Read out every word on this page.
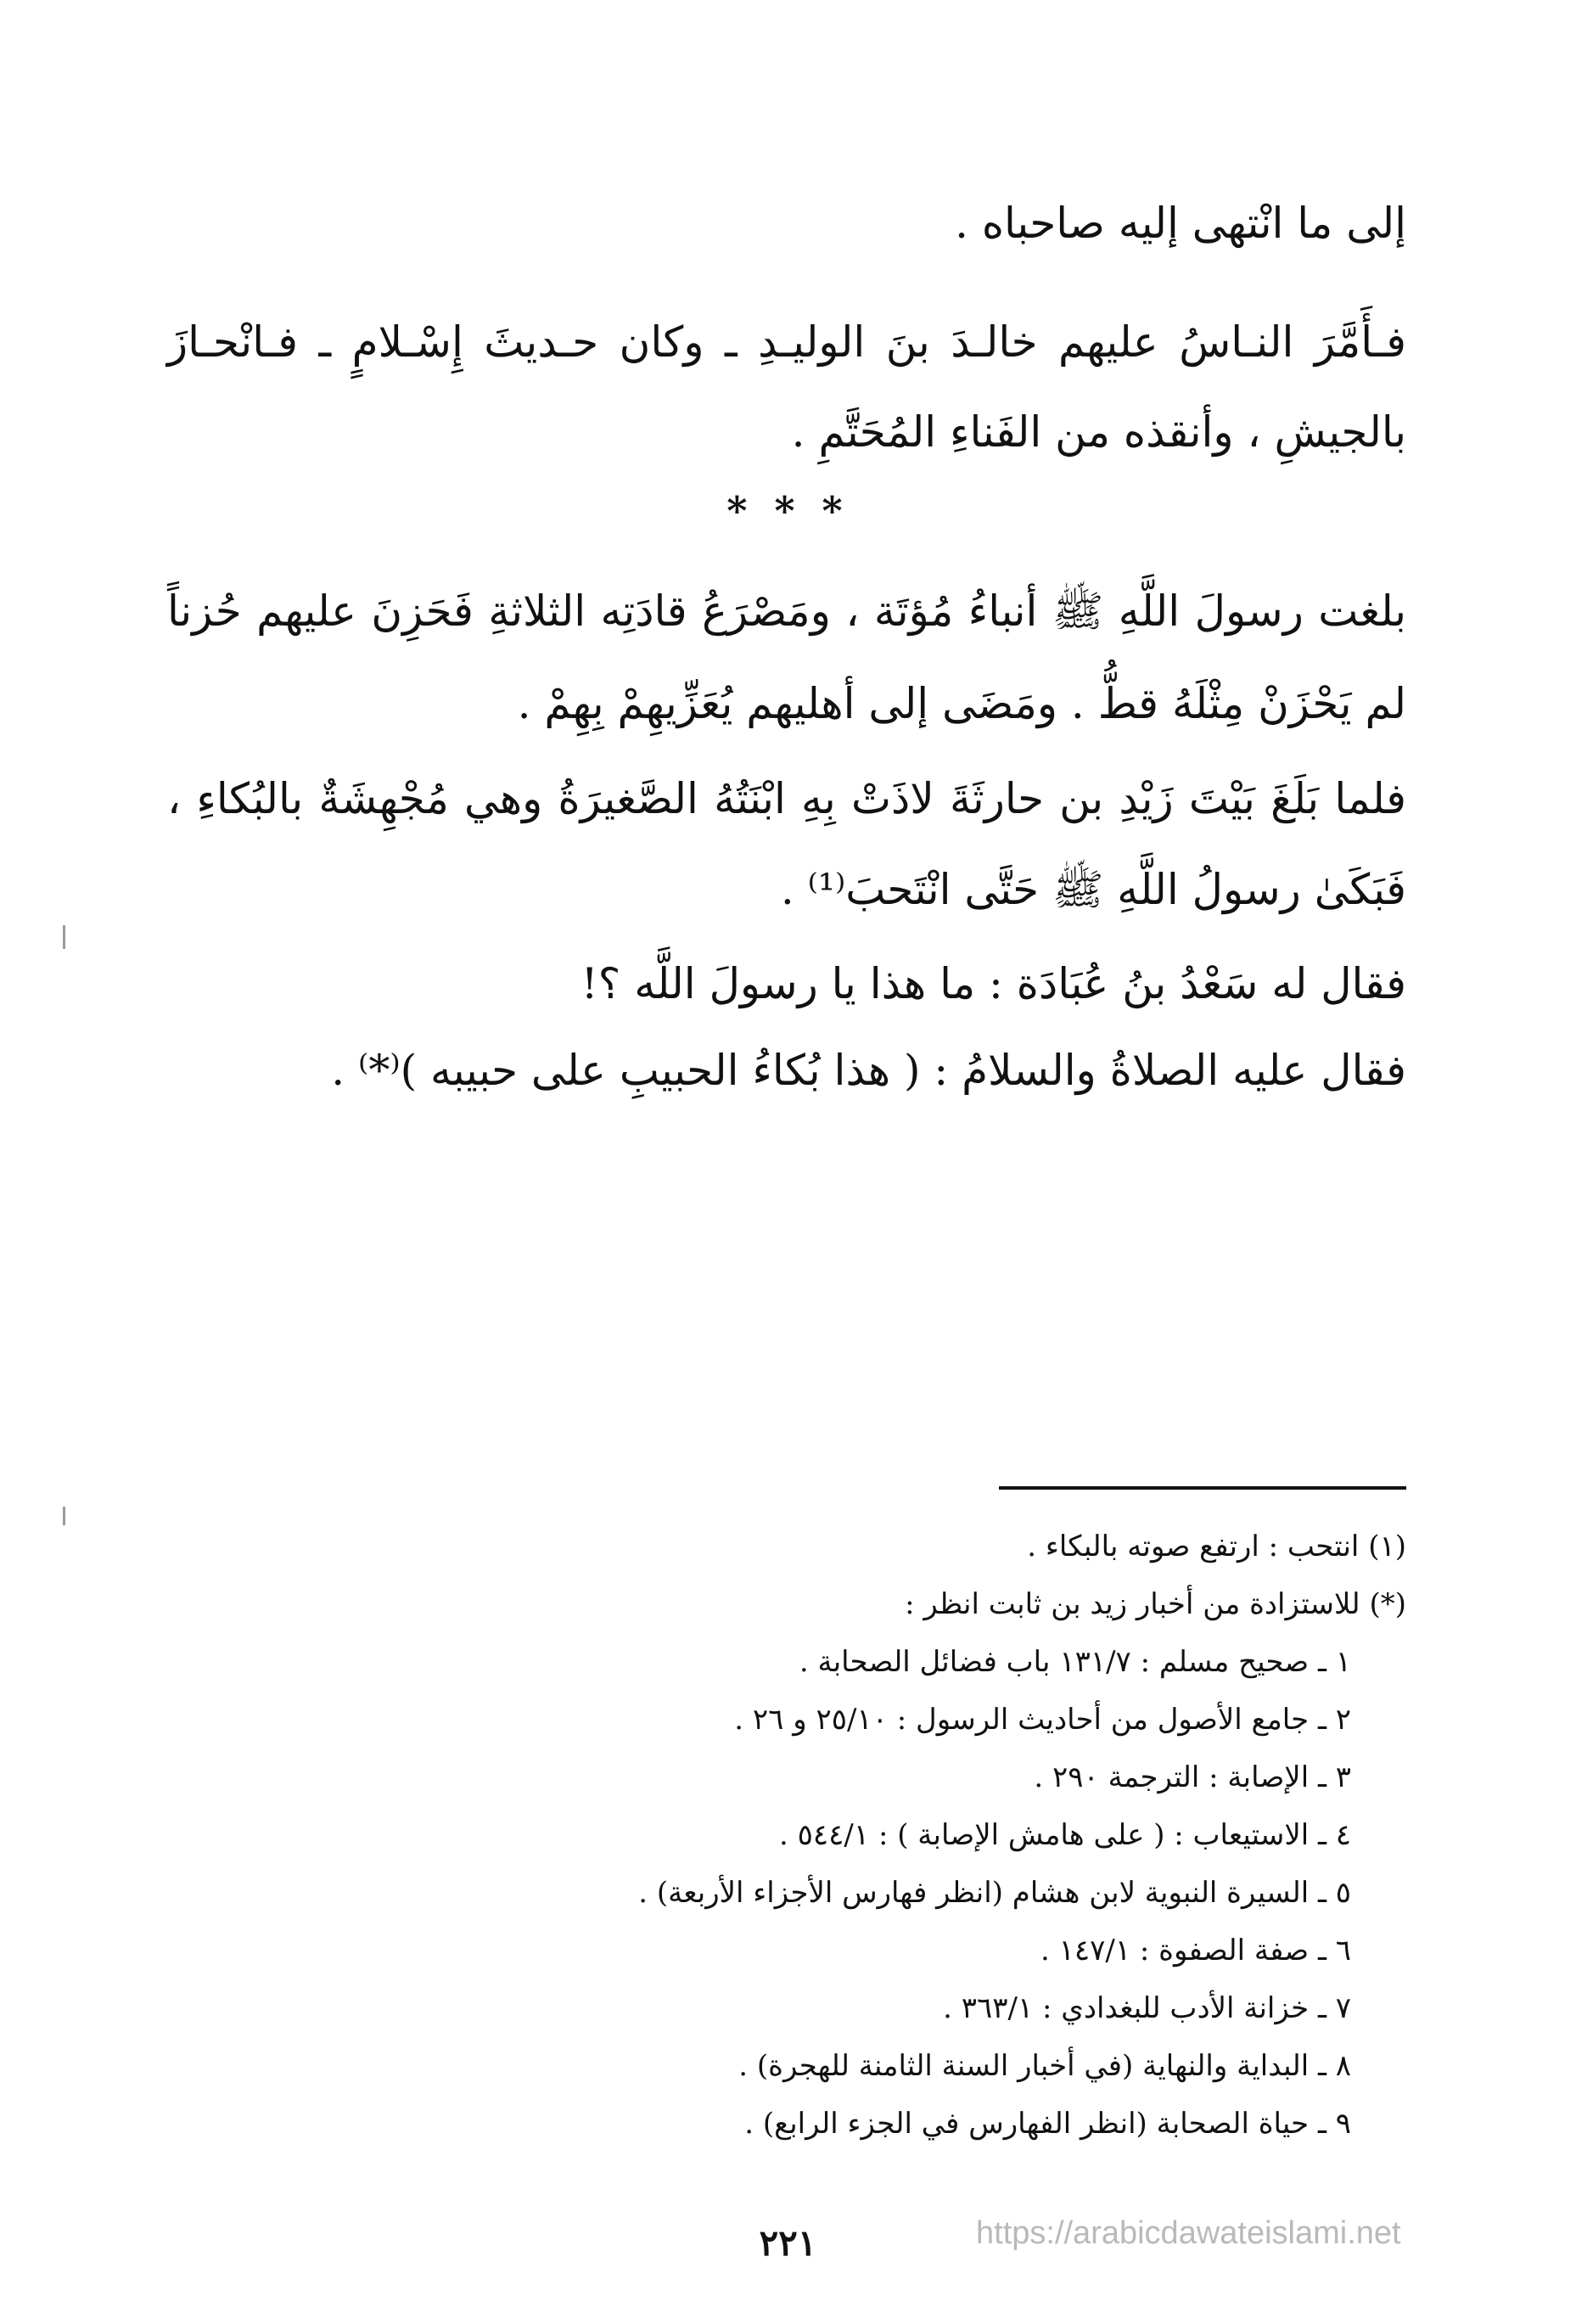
إلى ما انْتهى إليه صاحباه .
فـأَمَّرَ النـاسُ عليهم خالـدَ بنَ الوليـدِ ـ وكان حـديثَ إِسْـلامٍ ـ فـانْحـازَ
بالجيشِ ، وأنقذه من الفَناءِ المُحَتَّمِ .
* * *
بلغت رسولَ اللَّهِ ﷺ أنباءُ مُؤتَة ، ومَصْرَعُ قادَتِه الثلاثةِ فَحَزِنَ عليهم حُزناً
لم يَحْزَنْ مِثْلَهُ قطُّ . ومَضَى إلى أهليهم يُعَزِّيهِمْ بِهِمْ .
فلما بَلَغَ بَيْتَ زَيْدِ بن حارثَةَ لاذَتْ بِهِ ابْنَتُهُ الصَّغيرَةُ وهي مُجْهِشَةٌ بالبُكاءِ ،
فَبَكَىٰ رسولُ اللَّهِ ﷺ حَتَّى انْتَحبَ⁽¹⁾ .
فقال له سَعْدُ بنُ عُبَادَة : ما هذا يا رسولَ اللَّه ؟!
فقال عليه الصلاةُ والسلامُ : ( هذا بُكاءُ الحبيبِ على حبيبه )⁽*⁾ .
(١) انتحب : ارتفع صوته بالبكاء .
(*) للاستزادة من أخبار زيد بن ثابت انظر :
١ ـ صحيح مسلم : ١٣١/٧ باب فضائل الصحابة .
٢ ـ جامع الأصول من أحاديث الرسول : ٢٥/١٠ و ٢٦ .
٣ ـ الإصابة : الترجمة ٢٩٠ .
٤ ـ الاستيعاب : ( على هامش الإصابة ) : ٥٤٤/١ .
٥ ـ السيرة النبوية لابن هشام (انظر فهارس الأجزاء الأربعة) .
٦ ـ صفة الصفوة : ١٤٧/١ .
٧ ـ خزانة الأدب للبغدادي : ٣٦٣/١ .
٨ ـ البداية والنهاية (في أخبار السنة الثامنة للهجرة) .
٩ ـ حياة الصحابة (انظر الفهارس في الجزء الرابع) .
٢٢١	https://arabicdawateislami.net
